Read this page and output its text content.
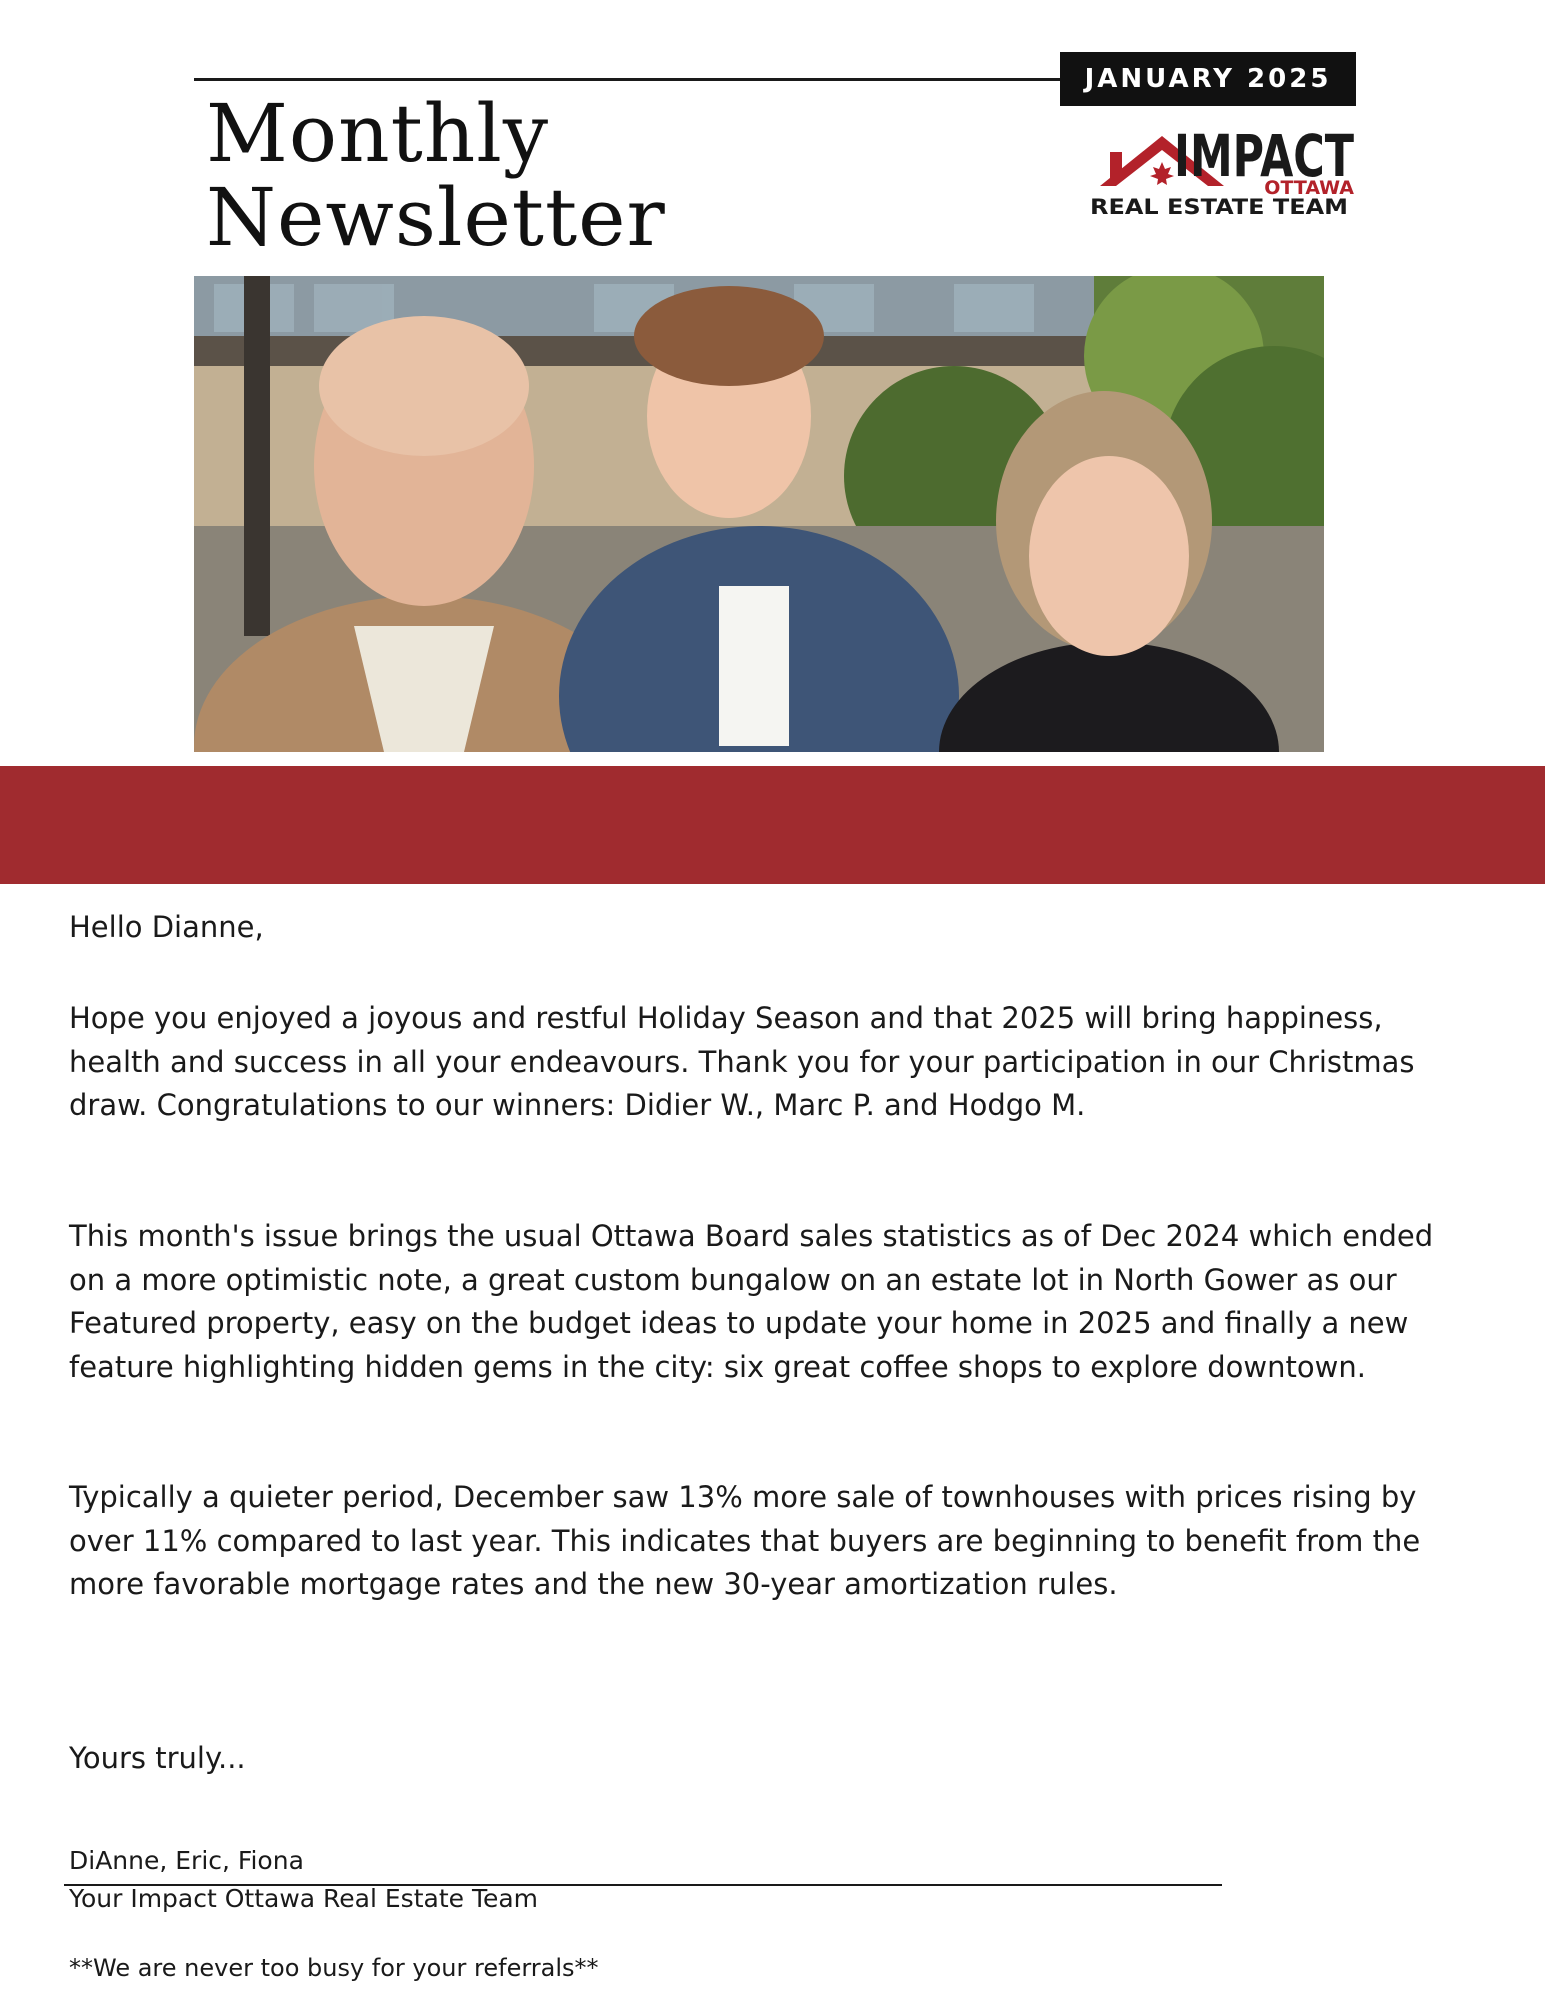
JANUARY 2025
Monthly
Newsletter
IMPACT
OTTAWA
REAL ESTATE TEAM

Hello Dianne,

Hope you enjoyed a joyous and restful Holiday Season and that 2025 will bring happiness, health and success in all your endeavours. Thank you for your participation in our Christmas draw. Congratulations to our winners: Didier W., Marc P. and Hodgo M.

This month's issue brings the usual Ottawa Board sales statistics as of Dec 2024 which ended on a more optimistic note, a great custom bungalow on an estate lot in North Gower as our Featured property, easy on the budget ideas to update your home in 2025 and finally a new feature highlighting hidden gems in the city: six great coffee shops to explore downtown.

Typically a quieter period, December saw 13% more sale of townhouses with prices rising by over 11% compared to last year. This indicates that buyers are beginning to benefit from the more favorable mortgage rates and the new 30-year amortization rules.

Yours truly...

DiAnne, Eric, Fiona
Your Impact Ottawa Real Estate Team
**We are never too busy for your referrals**
